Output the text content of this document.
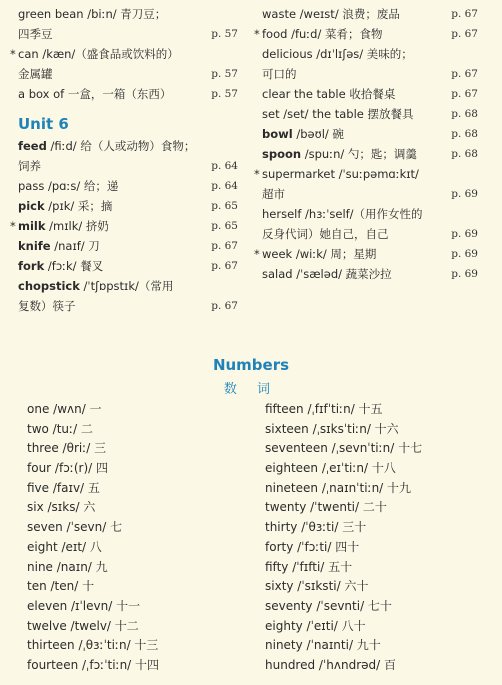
green bean /biːn/ 青刀豆；
四季豆	p. 57
* can /kæn/（盛食品或饮料的）
金属罐	p. 57
a box of 一盒，一箱（东西）	p. 57
Unit 6
feed /fiːd/ 给（人或动物）食物；
饲养	p. 64
pass /pɑːs/ 给；递	p. 64
pick /pɪk/ 采；摘	p. 65
* milk /mɪlk/ 挤奶	p. 65
knife /naɪf/ 刀	p. 67
fork /fɔːk/ 餐叉	p. 67
chopstick /ˈtʃɒpstɪk/（常用
复数）筷子	p. 67
waste /weɪst/ 浪费；废品	p. 67
* food /fuːd/ 菜肴；食物	p. 67
delicious /dɪˈlɪʃəs/ 美味的；
可口的	p. 67
clear the table 收拾餐桌	p. 67
set /set/ the table 摆放餐具	p. 68
bowl /bəʊl/ 碗	p. 68
spoon /spuːn/ 勺；匙；调羹	p. 68
* supermarket /ˈsuːpəmɑːkɪt/
超市	p. 69
herself /hɜːˈself/（用作女性的
反身代词）她自己，自己	p. 69
* week /wiːk/ 周；星期	p. 69
salad /ˈsæləd/ 蔬菜沙拉	p. 69
Numbers
数 词
one /wʌn/ 一
two /tuː/ 二
three /θriː/ 三
four /fɔː(r)/ 四
five /faɪv/ 五
six /sɪks/ 六
seven /ˈsevn/ 七
eight /eɪt/ 八
nine /naɪn/ 九
ten /ten/ 十
eleven /ɪˈlevn/ 十一
twelve /twelv/ 十二
thirteen /ˌθɜːˈtiːn/ 十三
fourteen /ˌfɔːˈtiːn/ 十四
fifteen /ˌfɪfˈtiːn/ 十五
sixteen /ˌsɪksˈtiːn/ 十六
seventeen /ˌsevnˈtiːn/ 十七
eighteen /ˌeɪˈtiːn/ 十八
nineteen /ˌnaɪnˈtiːn/ 十九
twenty /ˈtwenti/ 二十
thirty /ˈθɜːti/ 三十
forty /ˈfɔːti/ 四十
fifty /ˈfɪfti/ 五十
sixty /ˈsɪksti/ 六十
seventy /ˈsevnti/ 七十
eighty /ˈeɪti/ 八十
ninety /ˈnaɪnti/ 九十
hundred /ˈhʌndrəd/ 百
